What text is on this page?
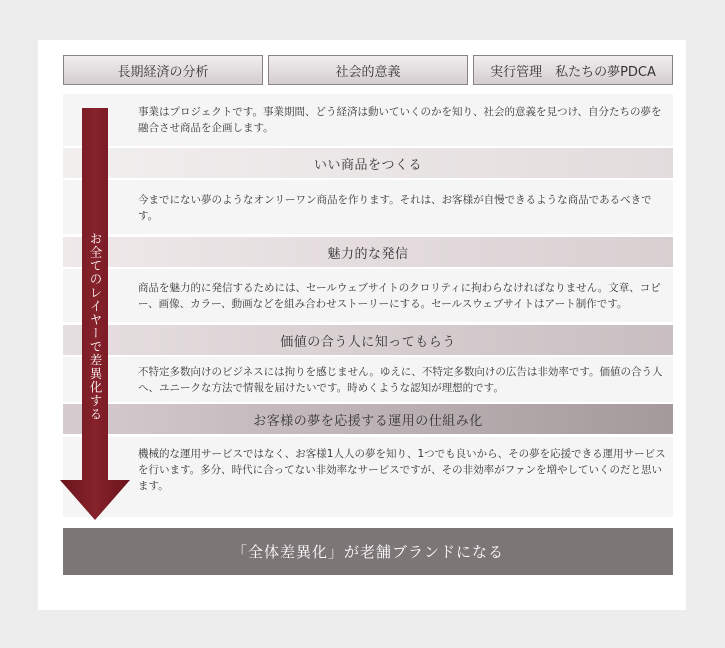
長期経済の分析	社会的意義	実行管理　私たちの夢PDCA
いい商品をつくる
魅力的な発信
価値の合う人に知ってもらう
お客様の夢を応援する運用の仕組み化
事業はプロジェクトです。事業期間、どう経済は動いていくのかを知り、社会的意義を見つけ、自分たちの夢を融合させ商品を企画します。
今までにない夢のようなオンリーワン商品を作ります。それは、お客様が自慢できるような商品であるべきです。
商品を魅力的に発信するためには、セールウェブサイトのクロリティに拘わらなければなりません。文章、コピー、画像、カラー、動画などを組み合わせストーリーにする。セールスウェブサイトはアート制作です。
不特定多数向けのビジネスには拘りを感じません。ゆえに、不特定多数向けの広告は非効率です。価値の合う人へ、ユニークな方法で情報を届けたいです。時めくような認知が理想的です。
機械的な運用サービスではなく、お客様1人人の夢を知り、1つでも良いから、その夢を応援できる運用サービスを行います。多分、時代に合ってない非効率なサービスですが、その非効率がファンを増やしていくのだと思います。
お全てのレイヤーで差異化する
「全体差異化」が老舗ブランドになる
